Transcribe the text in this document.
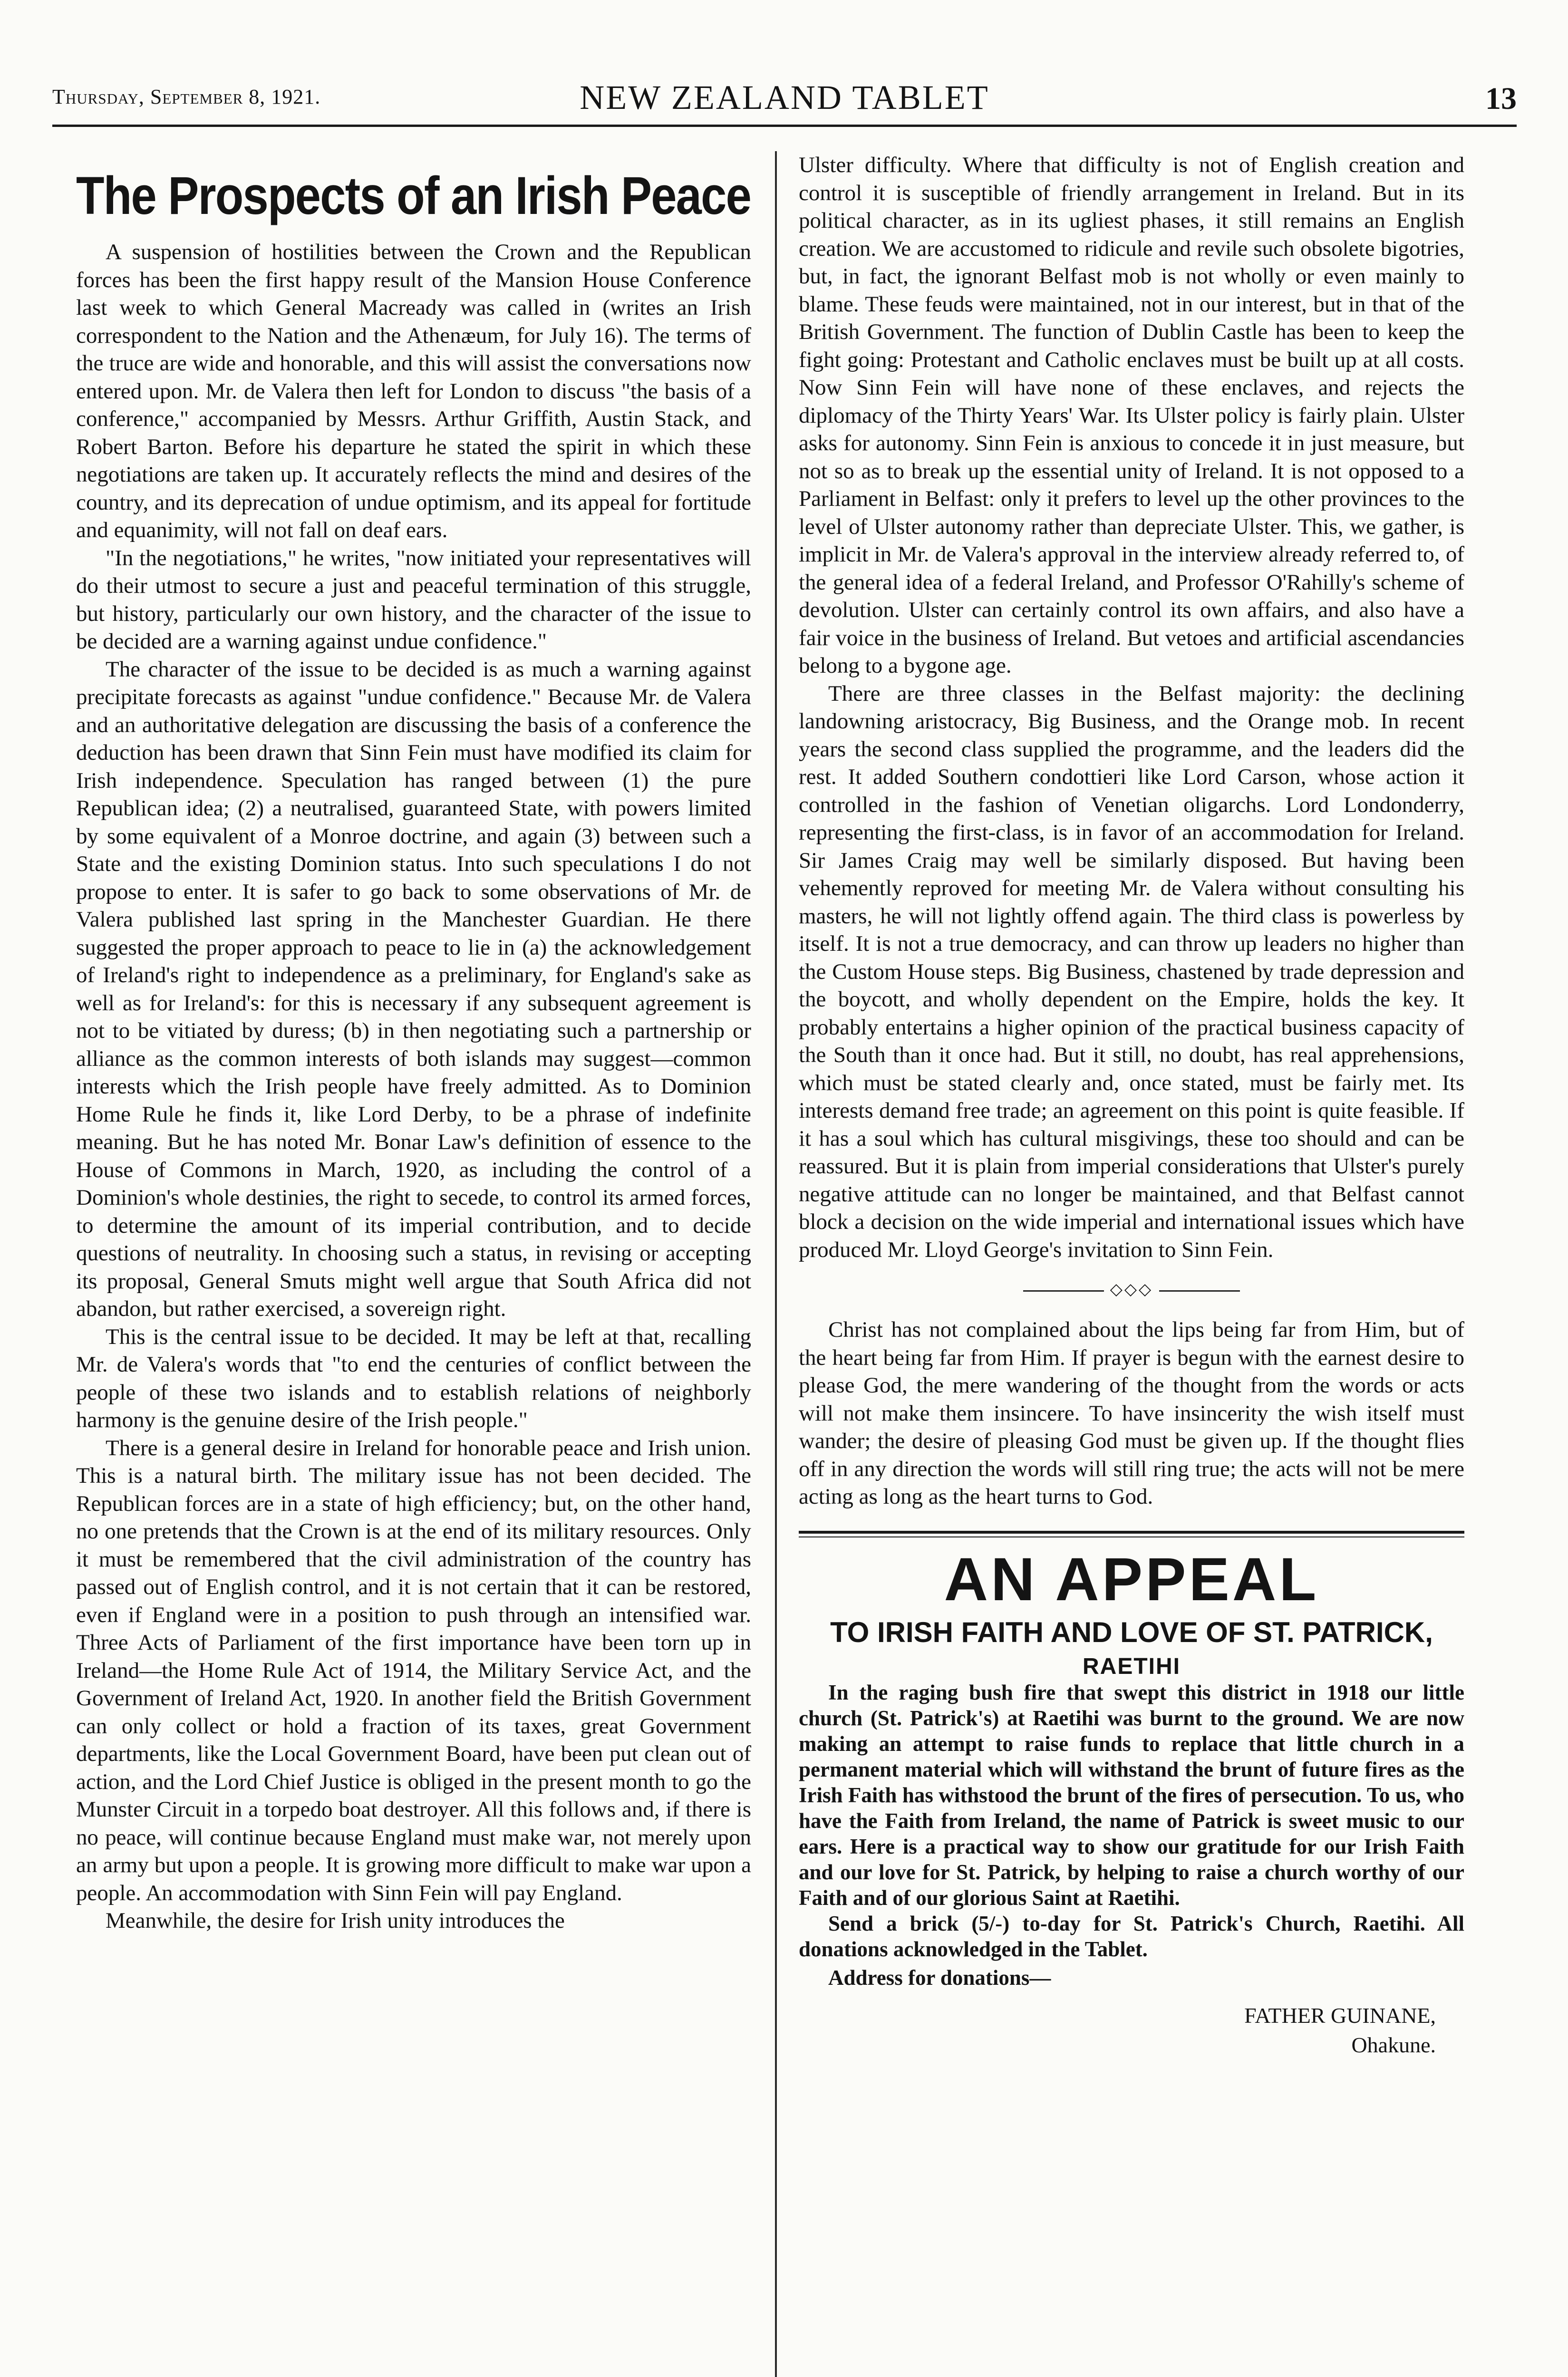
Thursday, September 8, 1921.	NEW ZEALAND TABLET	13
The Prospects of an Irish Peace

A suspension of hostilities between the Crown and the Republican forces has been the first happy result of the Mansion House Conference last week to which General Macready was called in (writes an Irish correspondent to the Nation and the Athenæum, for July 16). The terms of the truce are wide and honorable, and this will assist the conversations now entered upon. Mr. de Valera then left for London to discuss "the basis of a conference," accompanied by Messrs. Arthur Griffith, Austin Stack, and Robert Barton. Before his departure he stated the spirit in which these negotiations are taken up. It accurately reflects the mind and desires of the country, and its deprecation of undue optimism, and its appeal for fortitude and equanimity, will not fall on deaf ears.

"In the negotiations," he writes, "now initiated your representatives will do their utmost to secure a just and peaceful termination of this struggle, but history, particularly our own history, and the character of the issue to be decided are a warning against undue confidence."

The character of the issue to be decided is as much a warning against precipitate forecasts as against "undue confidence." Because Mr. de Valera and an authoritative delegation are discussing the basis of a conference the deduction has been drawn that Sinn Fein must have modified its claim for Irish independence. Speculation has ranged between (1) the pure Republican idea; (2) a neutralised, guaranteed State, with powers limited by some equivalent of a Monroe doctrine, and again (3) between such a State and the existing Dominion status. Into such speculations I do not propose to enter. It is safer to go back to some observations of Mr. de Valera published last spring in the Manchester Guardian. He there suggested the proper approach to peace to lie in (a) the acknowledgement of Ireland's right to independence as a preliminary, for England's sake as well as for Ireland's: for this is necessary if any subsequent agreement is not to be vitiated by duress; (b) in then negotiating such a partnership or alliance as the common interests of both islands may suggest—common interests which the Irish people have freely admitted. As to Dominion Home Rule he finds it, like Lord Derby, to be a phrase of indefinite meaning. But he has noted Mr. Bonar Law's definition of essence to the House of Commons in March, 1920, as including the control of a Dominion's whole destinies, the right to secede, to control its armed forces, to determine the amount of its imperial contribution, and to decide questions of neutrality. In choosing such a status, in revising or accepting its proposal, General Smuts might well argue that South Africa did not abandon, but rather exercised, a sovereign right.

This is the central issue to be decided. It may be left at that, recalling Mr. de Valera's words that "to end the centuries of conflict between the people of these two islands and to establish relations of neighborly harmony is the genuine desire of the Irish people."

There is a general desire in Ireland for honorable peace and Irish union. This is a natural birth. The military issue has not been decided. The Republican forces are in a state of high efficiency; but, on the other hand, no one pretends that the Crown is at the end of its military resources. Only it must be remembered that the civil administration of the country has passed out of English control, and it is not certain that it can be restored, even if England were in a position to push through an intensified war. Three Acts of Parliament of the first importance have been torn up in Ireland—the Home Rule Act of 1914, the Military Service Act, and the Government of Ireland Act, 1920. In another field the British Government can only collect or hold a fraction of its taxes, great Government departments, like the Local Government Board, have been put clean out of action, and the Lord Chief Justice is obliged in the present month to go the Munster Circuit in a torpedo boat destroyer. All this follows and, if there is no peace, will continue because England must make war, not merely upon an army but upon a people. It is growing more difficult to make war upon a people. An accommodation with Sinn Fein will pay England.

Meanwhile, the desire for Irish unity introduces the

Ulster difficulty. Where that difficulty is not of English creation and control it is susceptible of friendly arrangement in Ireland. But in its political character, as in its ugliest phases, it still remains an English creation. We are accustomed to ridicule and revile such obsolete bigotries, but, in fact, the ignorant Belfast mob is not wholly or even mainly to blame. These feuds were maintained, not in our interest, but in that of the British Government. The function of Dublin Castle has been to keep the fight going: Protestant and Catholic enclaves must be built up at all costs. Now Sinn Fein will have none of these enclaves, and rejects the diplomacy of the Thirty Years' War. Its Ulster policy is fairly plain. Ulster asks for autonomy. Sinn Fein is anxious to concede it in just measure, but not so as to break up the essential unity of Ireland. It is not opposed to a Parliament in Belfast: only it prefers to level up the other provinces to the level of Ulster autonomy rather than depreciate Ulster. This, we gather, is implicit in Mr. de Valera's approval in the interview already referred to, of the general idea of a federal Ireland, and Professor O'Rahilly's scheme of devolution. Ulster can certainly control its own affairs, and also have a fair voice in the business of Ireland. But vetoes and artificial ascendancies belong to a bygone age.

There are three classes in the Belfast majority: the declining landowning aristocracy, Big Business, and the Orange mob. In recent years the second class supplied the programme, and the leaders did the rest. It added Southern condottieri like Lord Carson, whose action it controlled in the fashion of Venetian oligarchs. Lord Londonderry, representing the first-class, is in favor of an accommodation for Ireland. Sir James Craig may well be similarly disposed. But having been vehemently reproved for meeting Mr. de Valera without consulting his masters, he will not lightly offend again. The third class is powerless by itself. It is not a true democracy, and can throw up leaders no higher than the Custom House steps. Big Business, chastened by trade depression and the boycott, and wholly dependent on the Empire, holds the key. It probably entertains a higher opinion of the practical business capacity of the South than it once had. But it still, no doubt, has real apprehensions, which must be stated clearly and, once stated, must be fairly met. Its interests demand free trade; an agreement on this point is quite feasible. If it has a soul which has cultural misgivings, these too should and can be reassured. But it is plain from imperial considerations that Ulster's purely negative attitude can no longer be maintained, and that Belfast cannot block a decision on the wide imperial and international issues which have produced Mr. Lloyd George's invitation to Sinn Fein.

◇◇◇

Christ has not complained about the lips being far from Him, but of the heart being far from Him. If prayer is begun with the earnest desire to please God, the mere wandering of the thought from the words or acts will not make them insincere. To have insincerity the wish itself must wander; the desire of pleasing God must be given up. If the thought flies off in any direction the words will still ring true; the acts will not be mere acting as long as the heart turns to God.

AN APPEAL
TO IRISH FAITH AND LOVE OF ST. PATRICK,
RAETIHI

In the raging bush fire that swept this district in 1918 our little church (St. Patrick's) at Raetihi was burnt to the ground. We are now making an attempt to raise funds to replace that little church in a permanent material which will withstand the brunt of future fires as the Irish Faith has withstood the brunt of the fires of persecution. To us, who have the Faith from Ireland, the name of Patrick is sweet music to our ears. Here is a practical way to show our gratitude for our Irish Faith and our love for St. Patrick, by helping to raise a church worthy of our Faith and of our glorious Saint at Raetihi.

Send a brick (5/-) to-day for St. Patrick's Church, Raetihi. All donations acknowledged in the Tablet.

Address for donations—

FATHER GUINANE,
Ohakune.
